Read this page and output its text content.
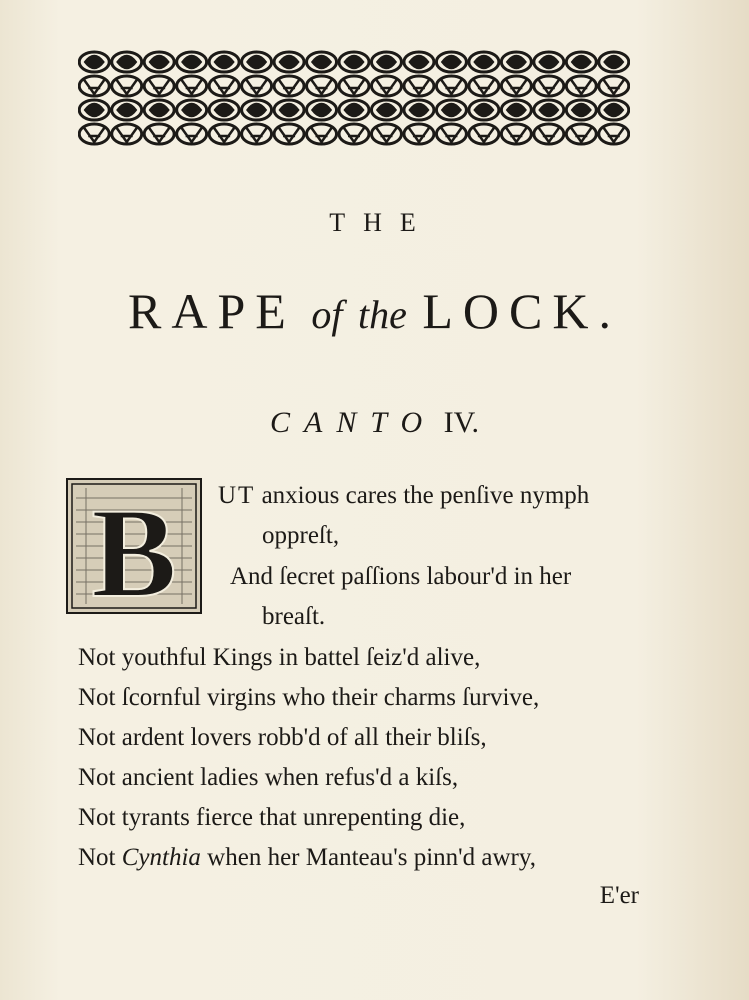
THE
RAPE of the LOCK.
CANTO IV.
B UT anxious cares the penſive nymph
oppreſt,
And ſecret paſſions labour'd in her
breaſt.
Not youthful Kings in battel ſeiz'd alive,
Not ſcornful virgins who their charms ſurvive,
Not ardent lovers robb'd of all their bliſs,
Not ancient ladies when refus'd a kiſs,
Not tyrants fierce that unrepenting die,
Not Cynthia when her Manteau's pinn'd awry,
E'er
